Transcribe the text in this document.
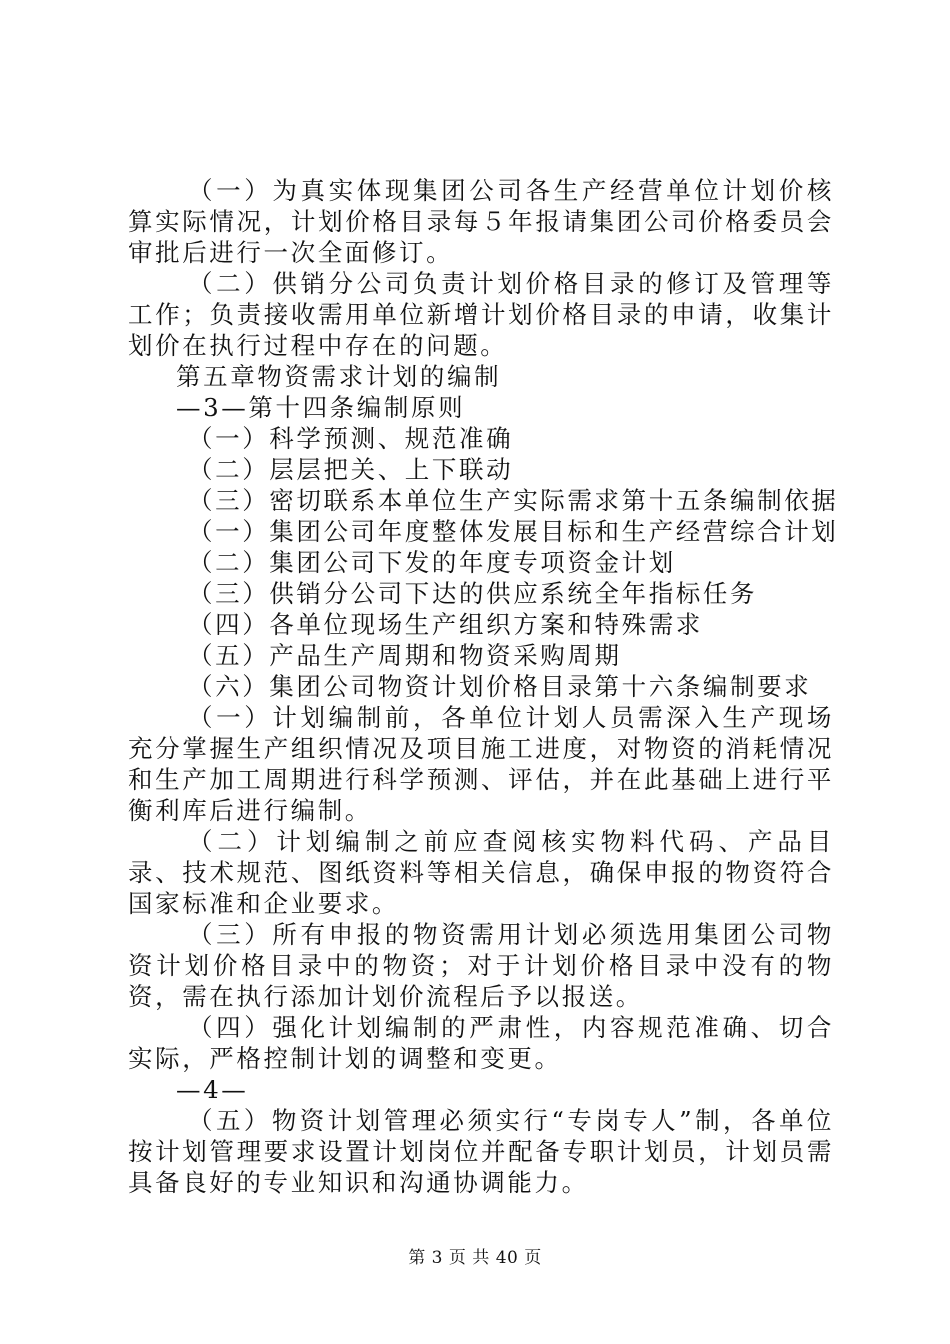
（一）为真实体现集团公司各生产经营单位计划价核算实际情况，计划价格目录每５年报请集团公司价格委员会审批后进行一次全面修订。

（二）供销分公司负责计划价格目录的修订及管理等工作；负责接收需用单位新增计划价格目录的申请，收集计划价在执行过程中存在的问题。

第五章物资需求计划的编制

—3—第十四条编制原则

（一）科学预测、规范准确

（二）层层把关、上下联动

（三）密切联系本单位生产实际需求第十五条编制依据

（一）集团公司年度整体发展目标和生产经营综合计划

（二）集团公司下发的年度专项资金计划

（三）供销分公司下达的供应系统全年指标任务

（四）各单位现场生产组织方案和特殊需求

（五）产品生产周期和物资采购周期

（六）集团公司物资计划价格目录第十六条编制要求

（一）计划编制前，各单位计划人员需深入生产现场充分掌握生产组织情况及项目施工进度，对物资的消耗情况和生产加工周期进行科学预测、评估，并在此基础上进行平衡利库后进行编制。

（二）计划编制之前应查阅核实物料代码、产品目录、技术规范、图纸资料等相关信息，确保申报的物资符合国家标准和企业要求。

（三）所有申报的物资需用计划必须选用集团公司物资计划价格目录中的物资；对于计划价格目录中没有的物资，需在执行添加计划价流程后予以报送。

（四）强化计划编制的严肃性，内容规范准确、切合实际，严格控制计划的调整和变更。

—4—

（五）物资计划管理必须实行“专岗专人”制，各单位按计划管理要求设置计划岗位并配备专职计划员，计划员需具备良好的专业知识和沟通协调能力。

第 3 页 共 40 页
